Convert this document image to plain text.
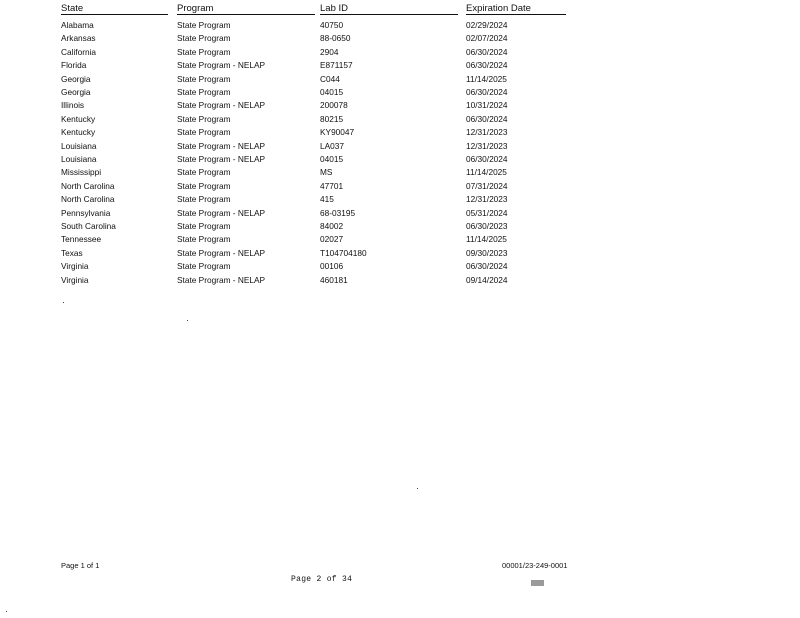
State	Program	Lab ID	Expiration Date
Alabama	State Program	40750	02/29/2024
Arkansas	State Program	88-0650	02/07/2024
California	State Program	2904	06/30/2024
Florida	State Program - NELAP	E871157	06/30/2024
Georgia	State Program	C044	11/14/2025
Georgia	State Program	04015	06/30/2024
Illinois	State Program - NELAP	200078	10/31/2024
Kentucky	State Program	80215	06/30/2024
Kentucky	State Program	KY90047	12/31/2023
Louisiana	State Program - NELAP	LA037	12/31/2023
Louisiana	State Program - NELAP	04015	06/30/2024
Mississippi	State Program	MS	11/14/2025
North Carolina	State Program	47701	07/31/2024
North Carolina	State Program	415	12/31/2023
Pennsylvania	State Program - NELAP	68-03195	05/31/2024
South Carolina	State Program	84002	06/30/2023
Tennessee	State Program	02027	11/14/2025
Texas	State Program - NELAP	T104704180	09/30/2023
Virginia	State Program	00106	06/30/2024
Virginia	State Program - NELAP	460181	09/14/2024
Page 1 of 1	00001/23-249-0001
Page 2 of 34
